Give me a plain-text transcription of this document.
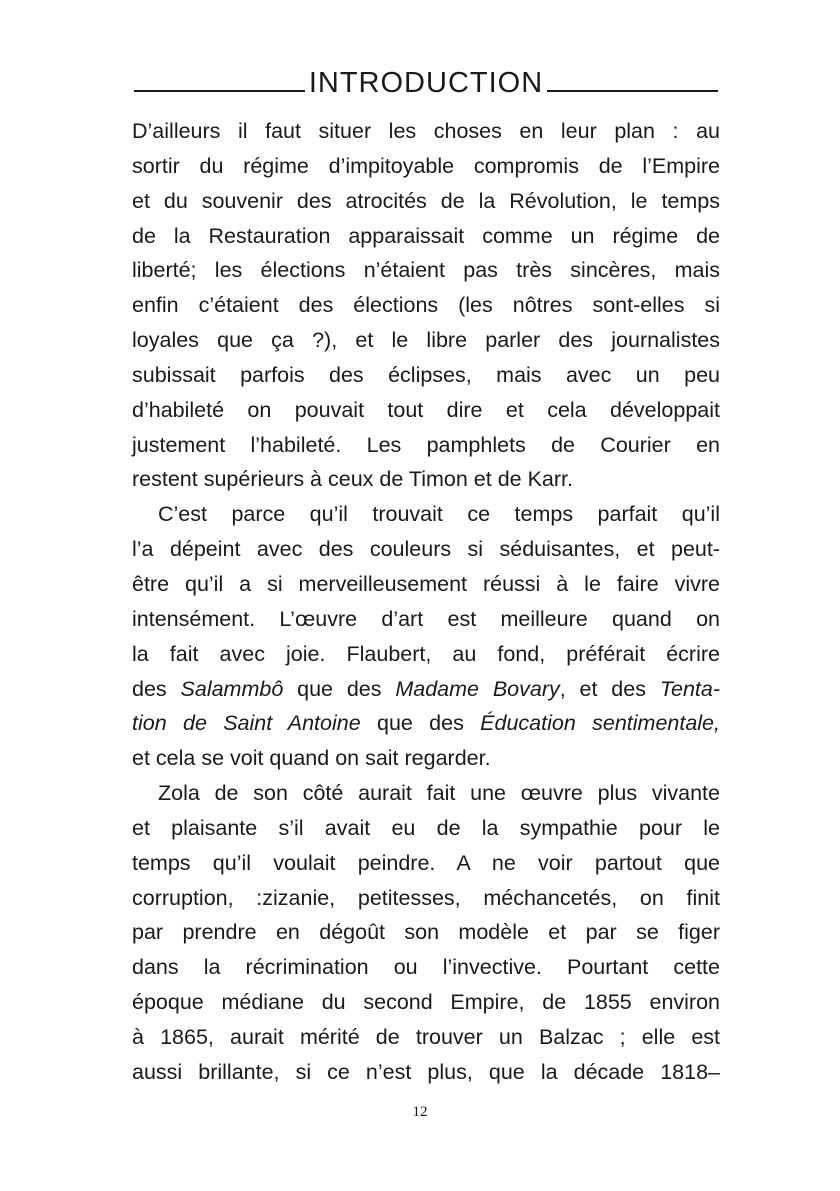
INTRODUCTION
D’ailleurs il faut situer les choses en leur plan : au
sortir du régime d’impitoyable compromis de l’Empire
et du souvenir des atrocités de la Révolution, le temps
de la Restauration apparaissait comme un régime de
liberté; les élections n’étaient pas très sincères, mais
enfin c’étaient des élections (les nôtres sont-elles si
loyales que ça ?), et le libre parler des journalistes
subissait parfois des éclipses, mais avec un peu
d’habileté on pouvait tout dire et cela développait
justement l’habileté. Les pamphlets de Courier en
restent supérieurs à ceux de Timon et de Karr.
C’est parce qu’il trouvait ce temps parfait qu’il
l’a dépeint avec des couleurs si séduisantes, et peut-
être qu’il a si merveilleusement réussi à le faire vivre
intensément. L’œuvre d’art est meilleure quand on
la fait avec joie. Flaubert, au fond, préférait écrire
des Salammbô que des Madame Bovary, et des Tenta-
tion de Saint Antoine que des Éducation sentimentale,
et cela se voit quand on sait regarder.
Zola de son côté aurait fait une œuvre plus vivante
et plaisante s’il avait eu de la sympathie pour le
temps qu’il voulait peindre. A ne voir partout que
corruption, :zizanie, petitesses, méchancetés, on finit
par prendre en dégoût son modèle et par se figer
dans la récrimination ou l’invective. Pourtant cette
époque médiane du second Empire, de 1855 environ
à 1865, aurait mérité de trouver un Balzac ; elle est
aussi brillante, si ce n’est plus, que la décade 1818–
12
